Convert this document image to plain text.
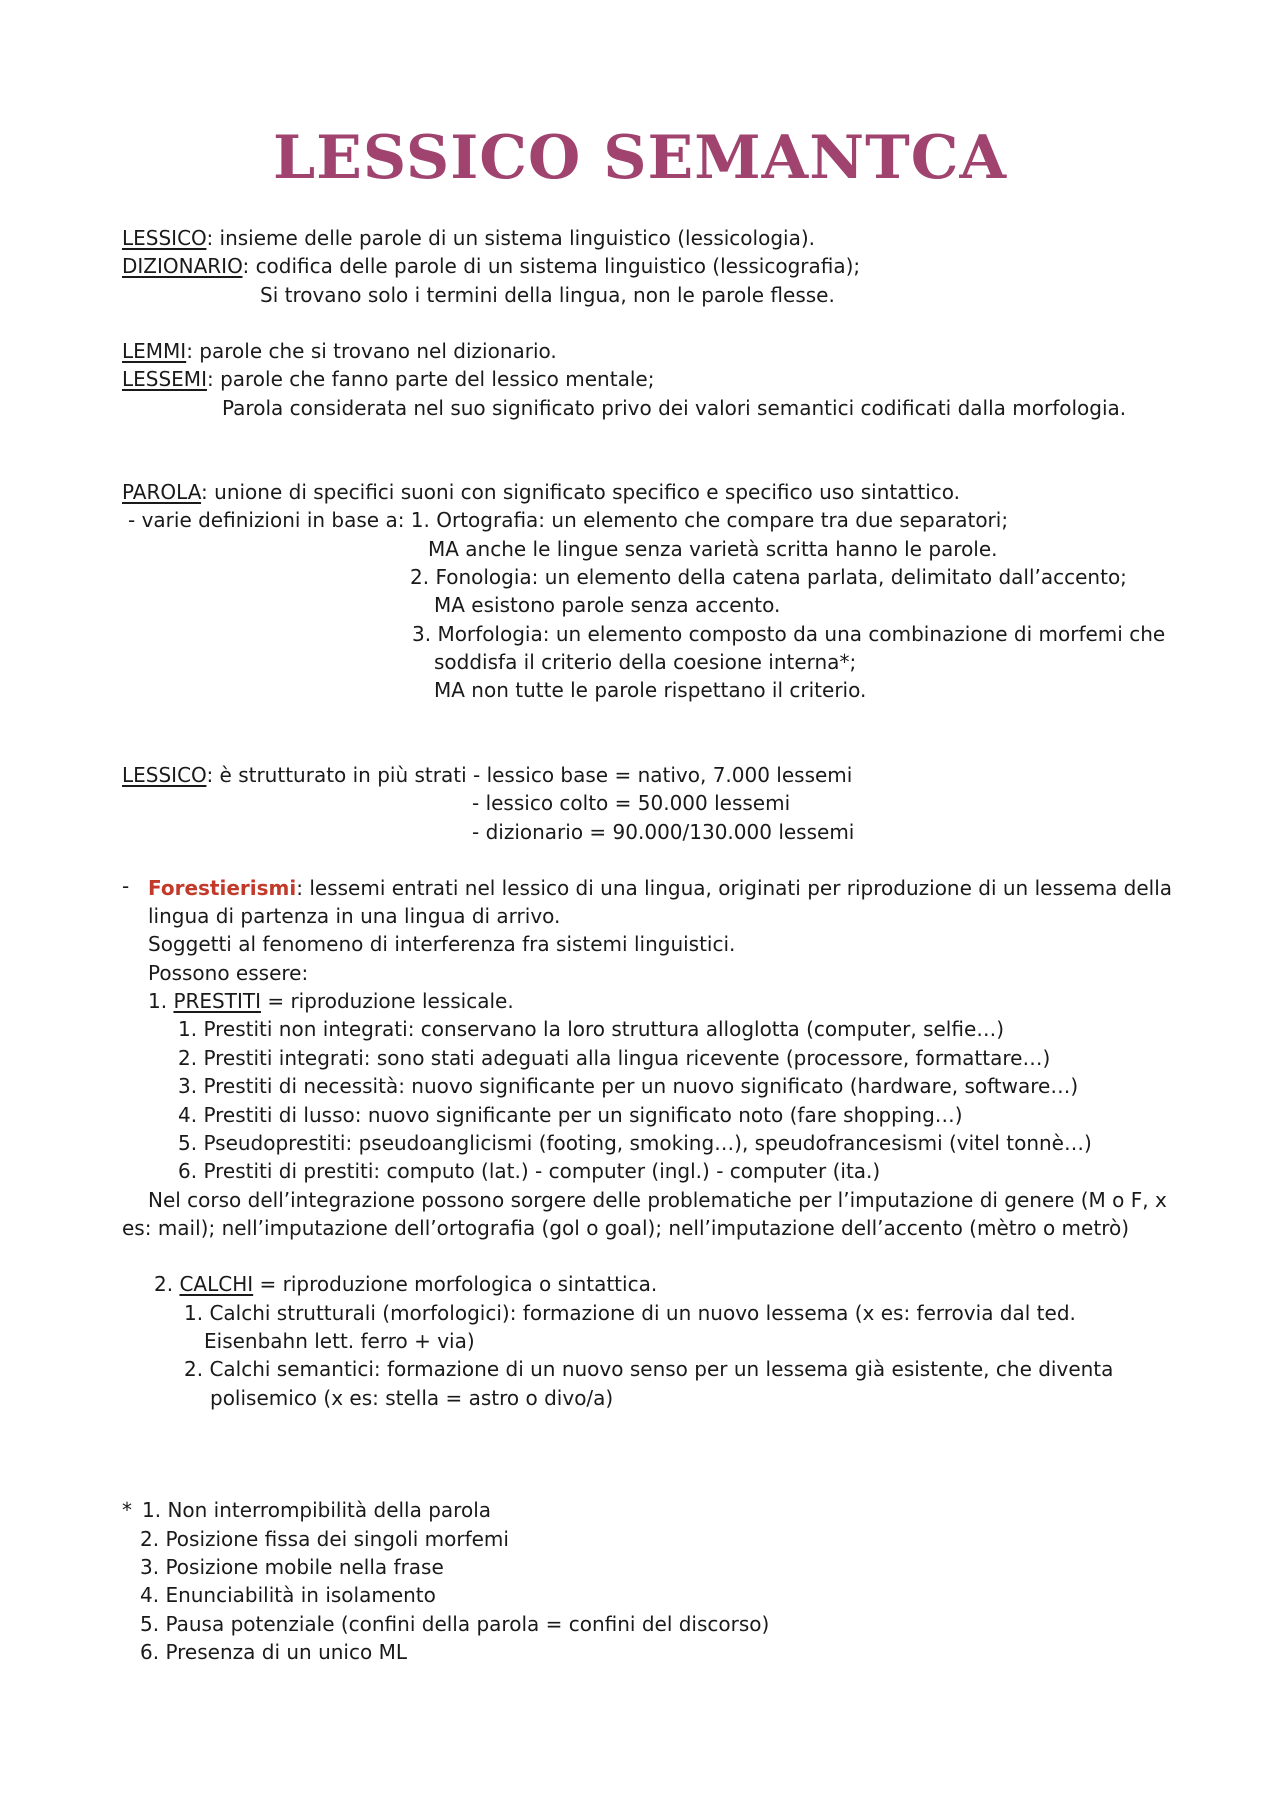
LESSICO SEMANTCA
LESSICO: insieme delle parole di un sistema linguistico (lessicologia).
DIZIONARIO: codifica delle parole di un sistema linguistico (lessicografia);
Si trovano solo i termini della lingua, non le parole flesse.
LEMMI: parole che si trovano nel dizionario.
LESSEMI: parole che fanno parte del lessico mentale;
Parola considerata nel suo significato privo dei valori semantici codificati dalla morfologia.
PAROLA: unione di specifici suoni con significato specifico e specifico uso sintattico.
- varie definizioni in base a: 1. Ortografia: un elemento che compare tra due separatori;
MA anche le lingue senza varietà scritta hanno le parole.
2. Fonologia: un elemento della catena parlata, delimitato dall’accento;
MA esistono parole senza accento.
3. Morfologia: un elemento composto da una combinazione di morfemi che
soddisfa il criterio della coesione interna*;
MA non tutte le parole rispettano il criterio.
LESSICO: è strutturato in più strati - lessico base = nativo, 7.000 lessemi
- lessico colto = 50.000 lessemi
- dizionario = 90.000/130.000 lessemi
- Forestierismi: lessemi entrati nel lessico di una lingua, originati per riproduzione di un lessema della
lingua di partenza in una lingua di arrivo.
Soggetti al fenomeno di interferenza fra sistemi linguistici.
Possono essere:
1. PRESTITI = riproduzione lessicale.
1. Prestiti non integrati: conservano la loro struttura alloglotta (computer, selfie…)
2. Prestiti integrati: sono stati adeguati alla lingua ricevente (processore, formattare…)
3. Prestiti di necessità: nuovo significante per un nuovo significato (hardware, software…)
4. Prestiti di lusso: nuovo significante per un significato noto (fare shopping…)
5. Pseudoprestiti: pseudoanglicismi (footing, smoking…), speudofrancesismi (vitel tonnè…)
6. Prestiti di prestiti: computo (lat.) - computer (ingl.) - computer (ita.)
Nel corso dell’integrazione possono sorgere delle problematiche per l’imputazione di genere (M o F, x
es: mail); nell’imputazione dell’ortografia (gol o goal); nell’imputazione dell’accento (mètro o metrò)
2. CALCHI = riproduzione morfologica o sintattica.
1. Calchi strutturali (morfologici): formazione di un nuovo lessema (x es: ferrovia dal ted.
Eisenbahn lett. ferro + via)
2. Calchi semantici: formazione di un nuovo senso per un lessema già esistente, che diventa
polisemico (x es: stella = astro o divo/a)
* 1. Non interrompibilità della parola
2. Posizione fissa dei singoli morfemi
3. Posizione mobile nella frase
4. Enunciabilità in isolamento
5. Pausa potenziale (confini della parola = confini del discorso)
6. Presenza di un unico ML
